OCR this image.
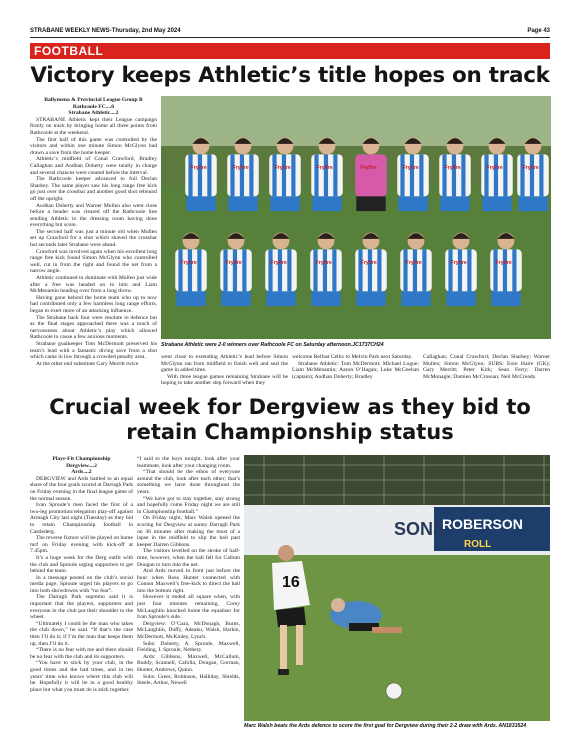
STRABANE WEEKLY NEWS-Thursday, 2nd May 2024	Page 43
FOOTBALL
Victory keeps Athletic’s title hopes on track

Ballymena & Provincial League Group B

Rathcoole FC....0

Strabane Athletic....2

STRABANE Athletic kept their League campaign firmly on track by bringing home all three points from Rathcoole at the weekend.

The first half of this game was controlled by the visitors and within one minute Simon McGlynn had drawn a save from the home keeper.

Athletic’s midfield of Conal Crawford, Bradley Callaghan and Aodhan Doherty were totally in charge and several chances were created before the interval.

The Rathcoole keeper advanced to foil Declan Sharkey. The same player saw his long range free kick go just over the crossbar and another good shot rebound off the upright.

Aodhan Doherty and Warner Mullen also went close before a header was cleared off the Rathcoole line sending Athletic to the dressing room having done everything but score.

The second half was just a minute old when Mullen set up Crawford for a shot which shaved the crossbar but seconds later Strabane were ahead.

Crawford was involved again when his excellent long range free kick found Simon McGlynn who controlled well, cut in from the right and found the net from a narrow angle.

Athletic continued to dominate with Mullen just wide after a free was headed on to him and Liam McMenamin heading over from a long throw.

Having gone behind the home team who up to now had contributed only a few harmless long range efforts, began to exert more of an attacking influence.

The Strabane back four were resolute in defence but as the final stages approached there was a touch of nervousness about Athletic’s play which allowed Rathcoole to cause a few anxious moments.

Strabane goalkeeper Tom McDermott preserved his team’s lead with a fantastic diving save from a shot which came in low through a crowded penalty area.

At the other end substitute Gary Merritt twice

Fryfire	Fryfire	Fryfire	Fryfire	Fryfire	Fryfire	Fryfire	Fryfire	Fryfire
Fryfire	Fryfire	Fryfire	Fryfire	Fryfire	Fryfire	Fryfire	Fryfire
Strabane Athletic were 2-0 winners over Rathcoole FC on Saturday afternoon.JC1737CH24

went close to extending Athletic’s lead before Simon McGlynn ran from midfield to finish well and seal the game in added time.

With three league games remaining Strabane will be hoping to take another step forward when they

welcome Belfast Celtic to Melvin Park next Saturday.

Strabane Athletic: Tom McDermott; Michael Logue; Liam McMenamin; Aaron O’Hagan; Luke McGeehan (captain); Aodhan Doherty; Bradley

Callaghan; Conal Crawford; Declan Sharkey; Warner Mullen; Simon McGlynn; SUBS: Eoin Haire (GK); Gary Merritt; Peter Kirk; Sean Ferry; Darren McMonagle; Damien McCrossan; Neil McCready.

Crucial week for Dergview as they bid to retain Championship status

Playr-Fit Championship

Dergview....2

Ards....2

DERGVIEW and Ards battled to an equal share of the four goals scored at Darragh Park on Friday evening in the final league game of the normal season.

Ivan Sproule’s men faced the first of a two-leg promotion/relegation play-off against Armagh City last night (Tuesday) as they bid to retain Championship football in Castlederg.

The reverse fixture will be played on home turf on Friday evening with kick-off at 7.45pm.

It’s a huge week for the Derg outfit with the club and Sproule urging supporters to get behind the team.

In a message posted on the club’s social media page, Sproule urged his players to go into both showdowns with “no fear”.

The Darragh Park supremo said it is important that the players, supporters and everyone in the club put their shoulder to the wheel.

“Ultimately I could be the man who takes the club down,” he said. “If that’s the case then I’ll do it; if I’m the man that keeps them up, then I’ll do it.

“There is no fear with me and there should be no fear with the club and its supporters.

“You have to stick by your club, in the good times and the bad times, and in ten years’ time who knows where this club will be. Hopefully it will be in a good healthy place but what you must do is stick together.

“I said to the boys tonight, look after your teammate, look after your changing room.

“That should be the ethos of everyone around the club, look after each other; that’s something we have done throughout the years.

“We have got to stay together, stay strong and hopefully come Friday night we are still in Championship football.”

On Friday night, Marc Walsh opened the scoring for Dergview at sunny Darragh Park on 36 minutes after making the most of a lapse in the midfield to slip the ball past keeper Darren Gibbons.

The visitors levelled on the stroke of half-time, however, when the ball fell for Callum Dougan to turn into the net.

And Ards moved in front just before the hour when Ross Hunter connected with Connor Maxwell’s free-kick to direct the ball into the bottom right.

However it ended all square when, with just four minutes remaining, Corey McLaughlin knocked home the equaliser for Ivan Sproule’s side.

Dergview: O’Gara, McDonagh, Burns, McLaughlin, Duffy, Adeaku, Walsh, Harkin, McDermott, McKinley, Lynch.

Subs: Doherty, A. Sproule, Maxwell, Fielding, I. Sproule, Nethery.

Ards: Gibbons, Maxwell, McCallum, Ruddy, Scannell, Cafolla, Dougan, Gorman, Hunter, Andrews, Quinn.

Subs: Greer, Robinson, Halliday, Shields, Steele, Arthur, Newell

SONS
ROBERSON
ROLL
16
Marc Walsh beats the Ards defence to score the first goal for Dergview during their 2-2 draw with Ards. AN1833524
